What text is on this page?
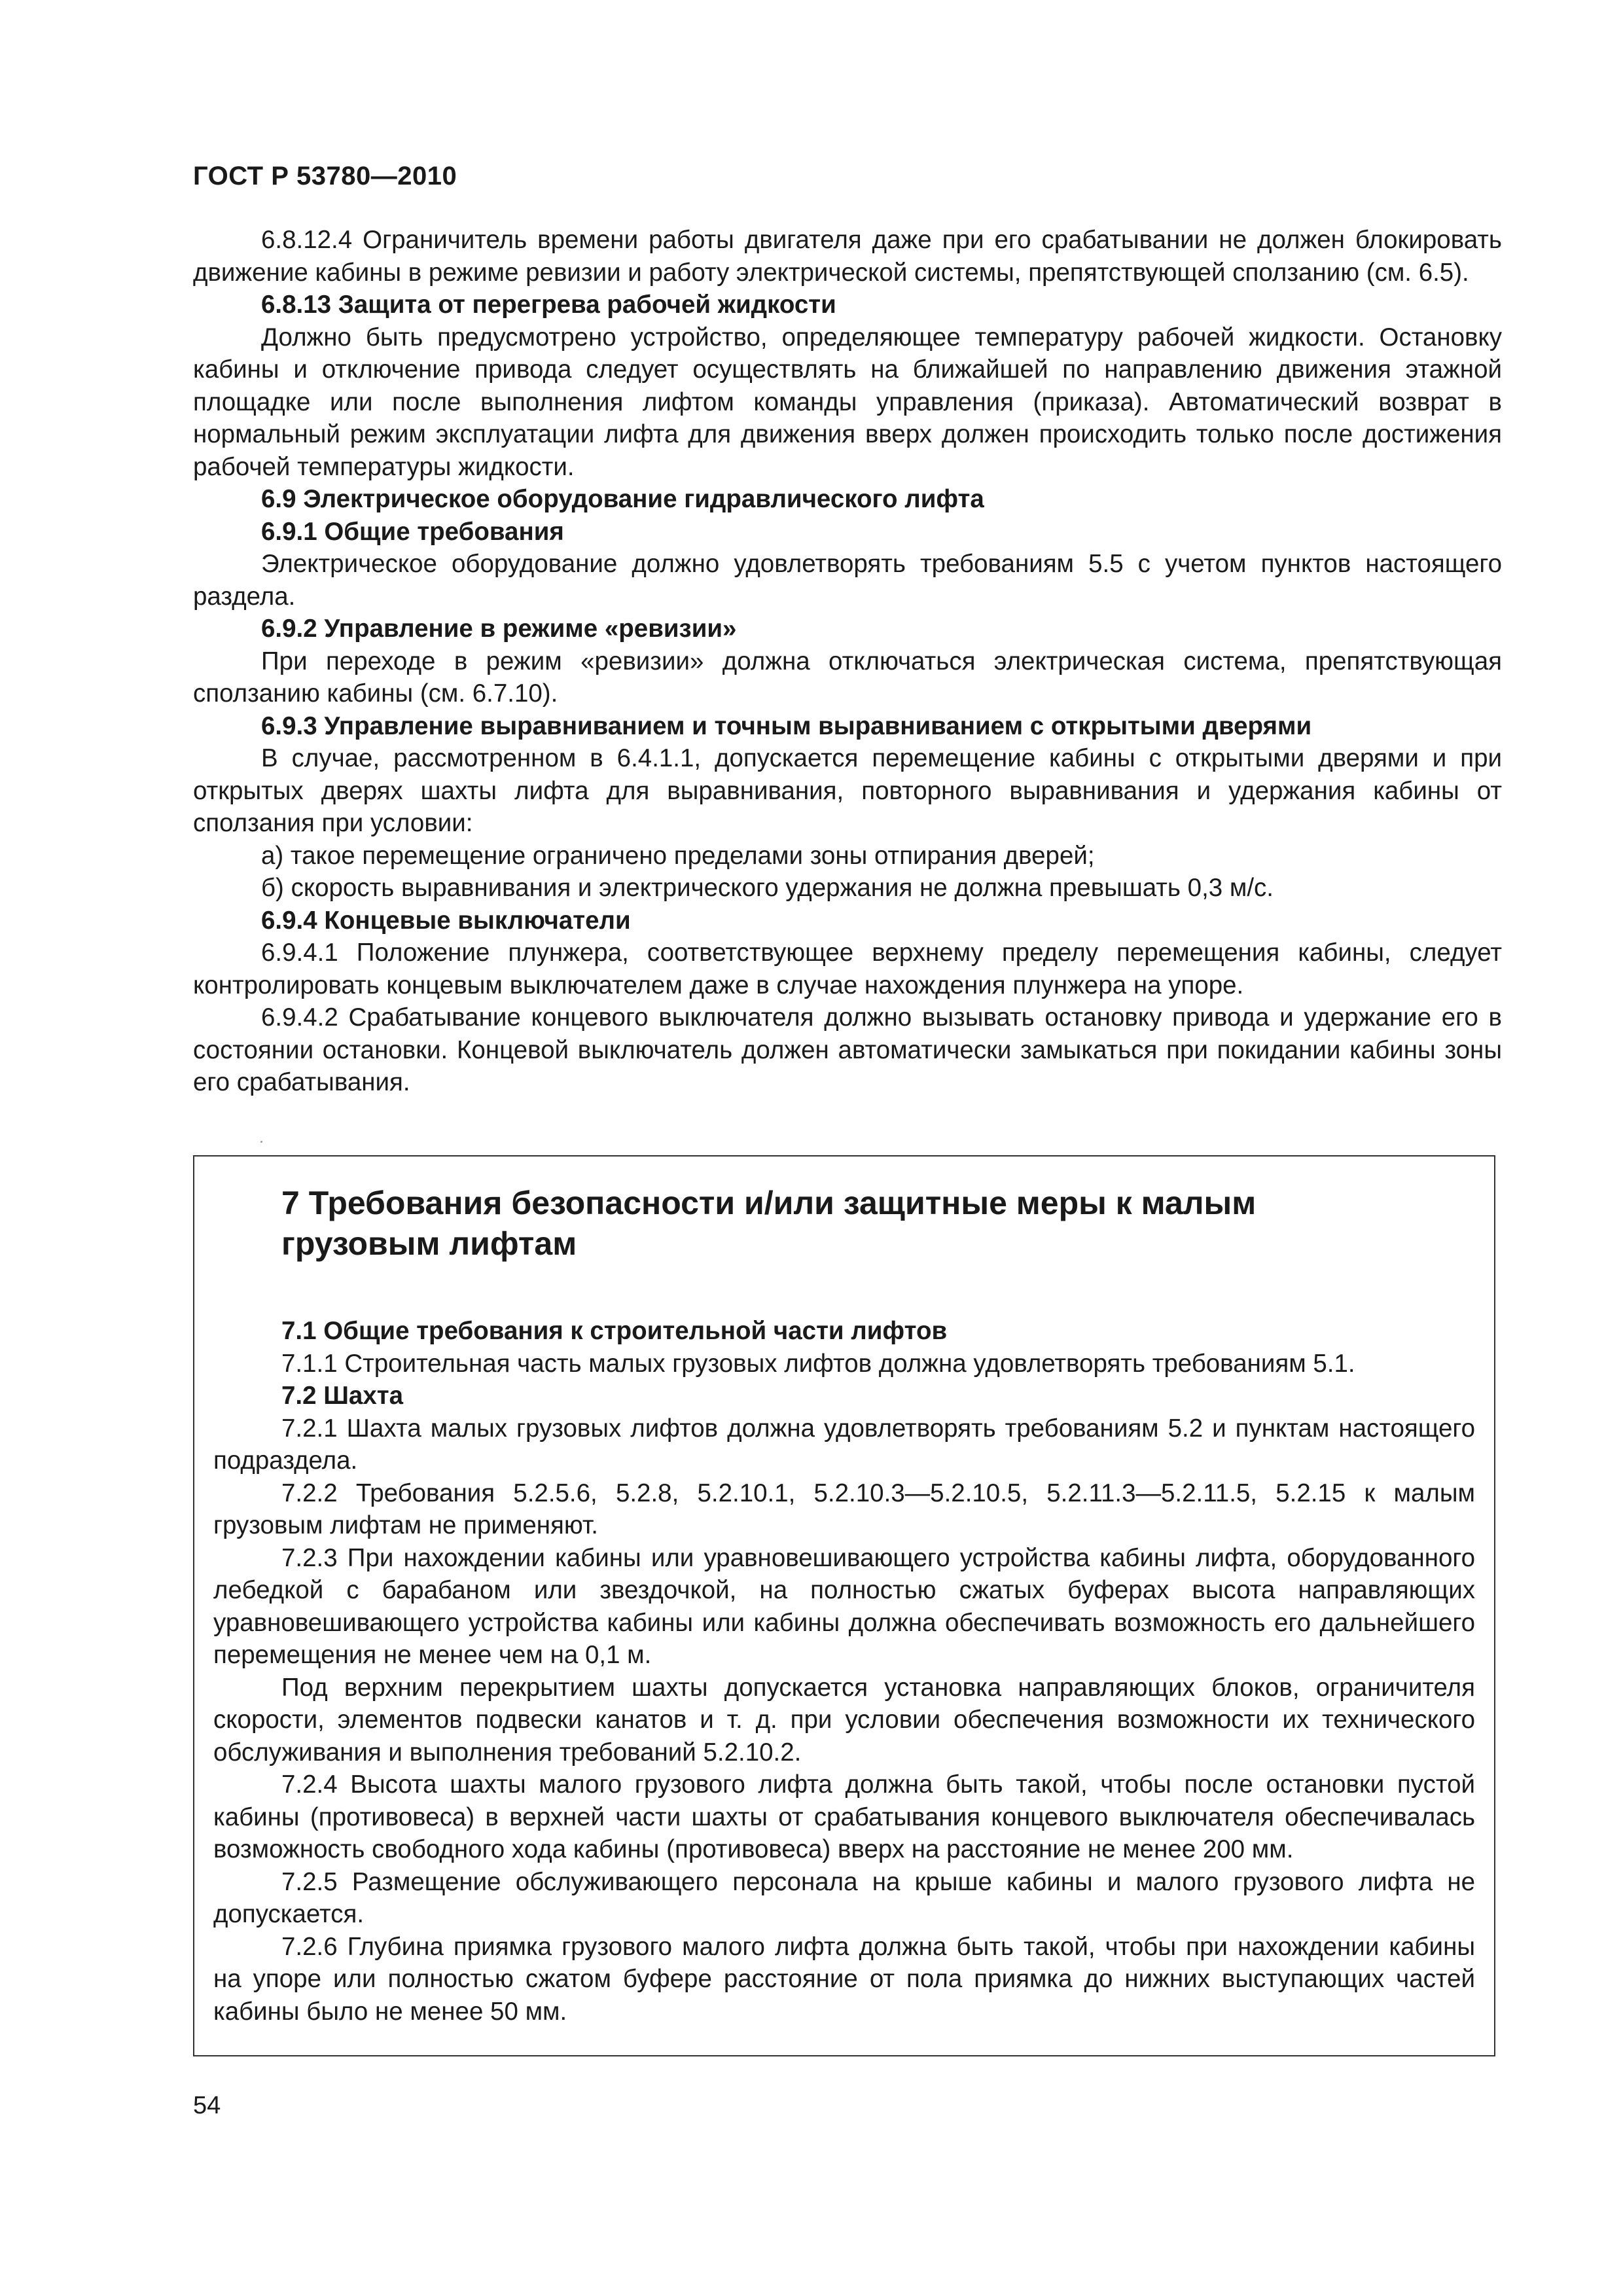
ГОСТ Р 53780—2010

6.8.12.4 Ограничитель времени работы двигателя даже при его срабатывании не должен блокировать движение кабины в режиме ревизии и работу электрической системы, препятствующей сползанию (см. 6.5).

6.8.13 Защита от перегрева рабочей жидкости

Должно быть предусмотрено устройство, определяющее температуру рабочей жидкости. Остановку кабины и отключение привода следует осуществлять на ближайшей по направлению движения этажной площадке или после выполнения лифтом команды управления (приказа). Автоматический возврат в нормальный режим эксплуатации лифта для движения вверх должен происходить только после достижения рабочей температуры жидкости.

6.9 Электрическое оборудование гидравлического лифта

6.9.1 Общие требования

Электрическое оборудование должно удовлетворять требованиям 5.5 с учетом пунктов настоящего раздела.

6.9.2 Управление в режиме «ревизии»

При переходе в режим «ревизии» должна отключаться электрическая система, препятствующая сползанию кабины (см. 6.7.10).

6.9.3 Управление выравниванием и точным выравниванием с открытыми дверями

В случае, рассмотренном в 6.4.1.1, допускается перемещение кабины с открытыми дверями и при открытых дверях шахты лифта для выравнивания, повторного выравнивания и удержания кабины от сползания при условии:

а) такое перемещение ограничено пределами зоны отпирания дверей;

б) скорость выравнивания и электрического удержания не должна превышать 0,3 м/с.

6.9.4 Концевые выключатели

6.9.4.1 Положение плунжера, соответствующее верхнему пределу перемещения кабины, следует контролировать концевым выключателем даже в случае нахождения плунжера на упоре.

6.9.4.2 Срабатывание концевого выключателя должно вызывать остановку привода и удержание его в состоянии остановки. Концевой выключатель должен автоматически замыкаться при покидании кабины зоны его срабатывания.

7 Требования безопасности и/или защитные меры к малым
грузовым лифтам

7.1 Общие требования к строительной части лифтов

7.1.1 Строительная часть малых грузовых лифтов должна удовлетворять требованиям 5.1.

7.2 Шахта

7.2.1 Шахта малых грузовых лифтов должна удовлетворять требованиям 5.2 и пунктам настоящего подраздела.

7.2.2 Требования 5.2.5.6, 5.2.8, 5.2.10.1, 5.2.10.3—5.2.10.5, 5.2.11.3—5.2.11.5, 5.2.15 к малым грузовым лифтам не применяют.

7.2.3 При нахождении кабины или уравновешивающего устройства кабины лифта, оборудованного лебедкой с барабаном или звездочкой, на полностью сжатых буферах высота направляющих уравновешивающего устройства кабины или кабины должна обеспечивать возможность его дальнейшего перемещения не менее чем на 0,1 м.

Под верхним перекрытием шахты допускается установка направляющих блоков, ограничителя скорости, элементов подвески канатов и т. д. при условии обеспечения возможности их технического обслуживания и выполнения требований 5.2.10.2.

7.2.4 Высота шахты малого грузового лифта должна быть такой, чтобы после остановки пустой кабины (противовеса) в верхней части шахты от срабатывания концевого выключателя обеспечивалась возможность свободного хода кабины (противовеса) вверх на расстояние не менее 200 мм.

7.2.5 Размещение обслуживающего персонала на крыше кабины и малого грузового лифта не допускается.

7.2.6 Глубина приямка грузового малого лифта должна быть такой, чтобы при нахождении кабины на упоре или полностью сжатом буфере расстояние от пола приямка до нижних выступающих частей кабины было не менее 50 мм.

54
